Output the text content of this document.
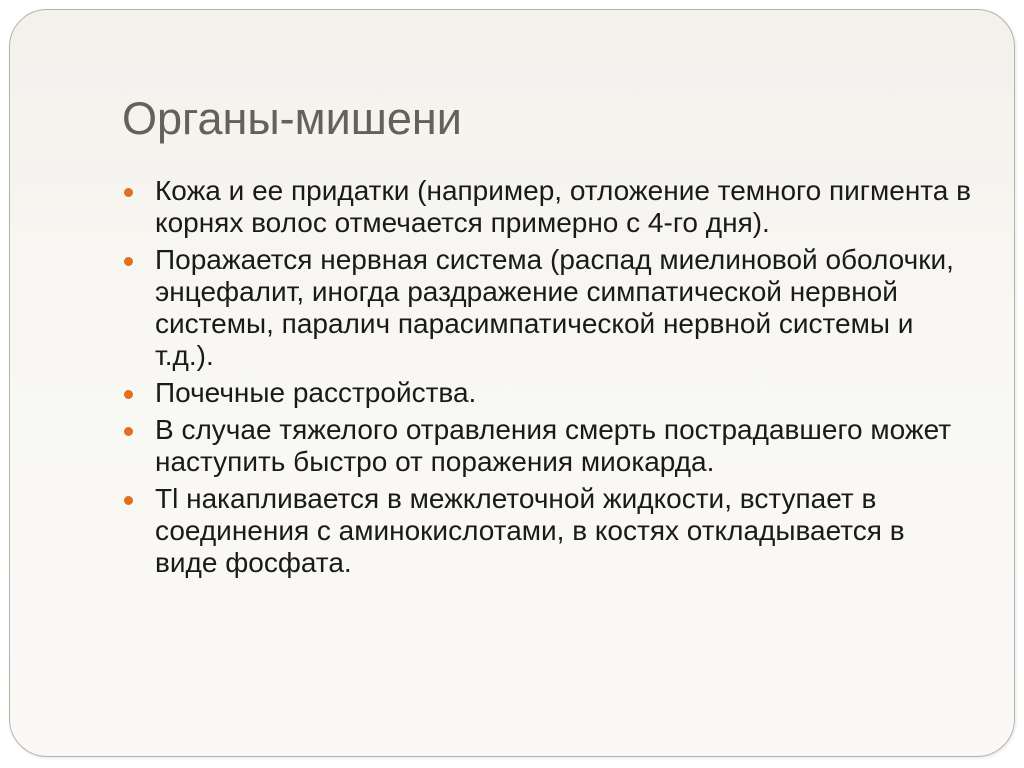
Органы-мишени
Кожа и ее придатки (например, отложение темного пигмента в корнях волос отмечается примерно с 4-го дня).
Поражается нервная система (распад миелиновой оболочки, энцефалит, иногда раздражение симпатической нервной системы, паралич парасимпатической нервной системы и т.д.).
Почечные расстройства.
В случае тяжелого отравления смерть пострадавшего может наступить быстро от поражения миокарда.
Tl накапливается в межклеточной жидкости, вступает в соединения с аминокислотами, в костях откладывается в виде фосфата.
